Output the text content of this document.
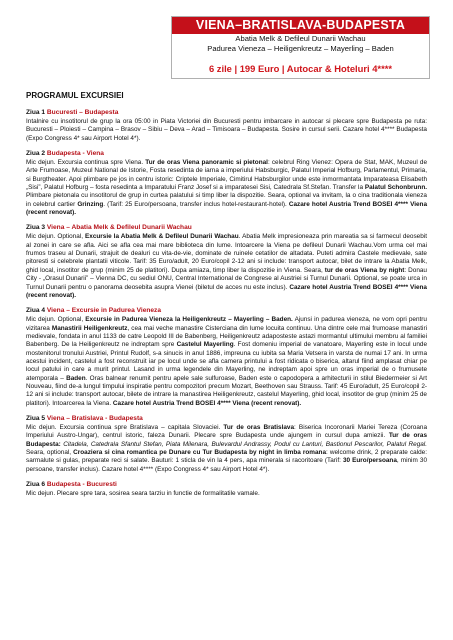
VIENA–BRATISLAVA-BUDAPESTA
Abatia Melk & Defileul Dunarii Wachau
Padurea Vieneza – Heiligenkreutz – Mayerling – Baden
6 zile | 199 Euro | Autocar & Hoteluri 4****
PROGRAMUL EXCURSIEI
Ziua 1 Bucuresti – Budapesta
Intalnire cu insotitorul de grup la ora 05:00 in Piata Victoriei din Bucuresti pentru imbarcare in autocar si plecare spre Budapesta pe ruta: Bucuresti – Ploiesti – Campina – Brasov – Sibiu – Deva – Arad – Timisoara – Budapesta. Sosire in cursul serii. Cazare hotel 4**** Budapesta (Expo Congress 4* sau Airport Hotel 4*).
Ziua 2 Budapesta - Viena
Mic dejun. Excursia continua spre Viena. Tur de oras Viena panoramic si pietonal: celebrul Ring Vienez: Opera de Stat, MAK, Muzeul de Arte Frumoase, Muzeul National de Istorie, Fosta resedinta de iarna a imperiului Habsburgic, Palatul Imperial Hofburg, Parlamentul, Primaria, si Burgtheater. Apoi plimbare pe jos in centru istoric: Criptele Imperiale, Cimitirul Habsburgilor unde este inmormantata Imparateasa Elisabeth „Sisi”, Palatul Hofburg – fosta resedinta a Imparatului Franz Josef si a imparatesei Sisi, Catedrala Sf.Stefan. Transfer la Palatul Schonbrunn. Plimbare pietonala cu insotitorul de grup in curtea palatului si timp liber la dispozitie. Seara, optional va invitam, la o cina traditionala vieneza in celebrul cartier Grinzing. (Tarif: 25 Euro/persoana, transfer inclus hotel-restaurant-hotel). Cazare hotel Austria Trend BOSEI 4**** Viena (recent renovat).
Ziua 3 Viena – Abatia Melk & Defileul Dunarii Wachau
Mic dejun. Optional, Excursie la Abatia Melk & Defileul Dunarii Wachau. Abatia Melk impresioneaza prin mareatia sa si farmecul deosebit al zonei in care se afla. Aici se afla cea mai mare biblioteca din lume. Intoarcere la Viena pe defileul Dunarii Wachau.Vom urma cel mai frumos traseu al Dunarii, strajuit de dealuri cu vita-de-vie, dominate de ruinele cetatilor de altadata. Puteti admira Castele medievale, sate pitoresti si celebrele plantatii viticole. Tarif: 35 Euro/adult, 20 Euro/copil 2-12 ani si include: transport autocar, bilet de intrare la Abatia Melk, ghid local, insotitor de grup (minim 25 de platitori). Dupa amiaza, timp liber la dispozitie in Viena. Seara, tur de oras Viena by night: Donau City - „Orasul Dunarii” – Vienna DC, cu sediul ONU, Central International de Congrese al Austriei si Turnul Dunarii. Optional, se poate urca in Turnul Dunarii pentru o panorama deosebita asupra Vienei (biletul de acces nu este inclus). Cazare hotel Austria Trend BOSEI 4**** Viena (recent renovat).
Ziua 4 Viena – Excursie in Padurea Vieneza
Mic dejun. Optional, Excursie in Padurea Vieneza la Heiligenkreutz – Mayerling – Baden. Ajunsi in padurea vieneza, ne vom opri pentru vizitarea Manastirii Heiligenkreutz, cea mai veche manastire Cisterciana din lume locuita continuu. Una dintre cele mai frumoase manastiri medievale, fondata in anul 1133 de catre Leopold III de Babenberg, Heiligenkreutz adaposteste astazi mormantul ultimului membru al familiei Babenberg. De la Heiligenkreutz ne indreptam spre Castelul Mayerling. Fost domeniu imperial de vanatoare, Mayerling este in locul unde mostenitorul tronului Austriei, Printul Rudolf, s-a sinucis in anul 1886, impreuna cu iubita sa Maria Vetsera in varsta de numai 17 ani. In urma acestui incident, castelul a fost reconstruit iar pe locul unde se afla camera printului a fost ridicata o biserica, altarul fiind amplasat chiar pe locul patului in care a murit printul. Lasand in urma legendele din Mayerling, ne indreptam apoi spre un oras imperial de o frumusete atemporala – Baden. Oras balnear renumit pentru apele sale sulfuroase, Baden este o capodopera a arhitecturii in stilul Biedermeier si Art Nouveau, fiind de-a lungul timpului inspiratie pentru compozitori precum Mozart, Beethoven sau Strauss. Tarif: 45 Euro/adult, 25 Euro/copil 2-12 ani si include: transport autocar, bilete de intrare la manastirea Heiligenkreutz, castelul Mayerling, ghid local, insotitor de grup (minim 25 de platitori). Intoarcerea la Viena. Cazare hotel Austria Trend BOSEI 4**** Viena (recent renovat).
Ziua 5 Viena – Bratislava - Budapesta
Mic dejun. Excursia continua spre Bratislava – capitala Slovaciei. Tur de oras Bratislava: Biserica Incoronarii Mariei Tereza (Coroana Imperiului Austro-Ungar), centrul istoric, faleza Dunarii. Plecare spre Budapesta unde ajungem in cursul dupa amiezii. Tur de oras Budapesta: Citadela, Catedrala Sfantul Stefan, Piata Milenara, Bulevardul Andrassy, Podul cu Lanturi, Bastionul Pescarilor, Palatul Regal. Seara, optional, Croaziera si cina romantica pe Dunare cu Tur Budapesta by night in limba romana: welcome drink, 2 preparate calde: sarmalute si gulas, preparate reci si salate. Bauturi: 1 sticla de vin la 4 pers, apa minerala si racoritoare (Tarif: 30 Euro/persoana, minim 30 persoane, transfer inclus). Cazare hotel 4**** (Expo Congress 4* sau Airport Hotel 4*).
Ziua 6 Budapesta - Bucuresti
Mic dejun. Plecare spre tara, sosirea seara tarziu in functie de formalitatile vamale.
